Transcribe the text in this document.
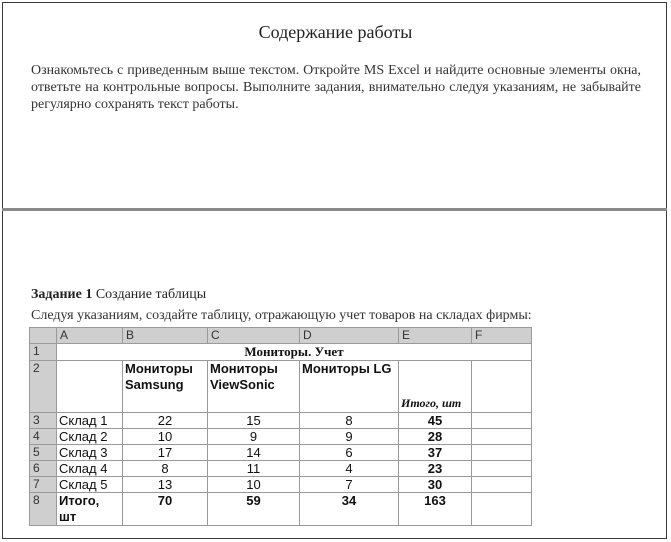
Содержание работы
Ознакомьтесь с приведенным выше текстом. Откройте MS Excel и найдите основные элементы окна, ответьте на контрольные вопросы. Выполните задания, внимательно следуя указаниям, не забывайте регулярно сохранять текст работы.
Задание 1 Создание таблицы
Следуя указаниям, создайте таблицу, отражающую учет товаров на складах фирмы:
	A	B	C	D	E	F
1	Мониторы. Учет					
2		Мониторы Samsung	Мониторы ViewSonic	Мониторы LG	Итого, шт	
3	Склад 1	22	15	8	45	
4	Склад 2	10	9	9	28	
5	Склад 3	17	14	6	37	
6	Склад 4	8	11	4	23	
7	Склад 5	13	10	7	30	
8	Итого, шт	70	59	34	163	
